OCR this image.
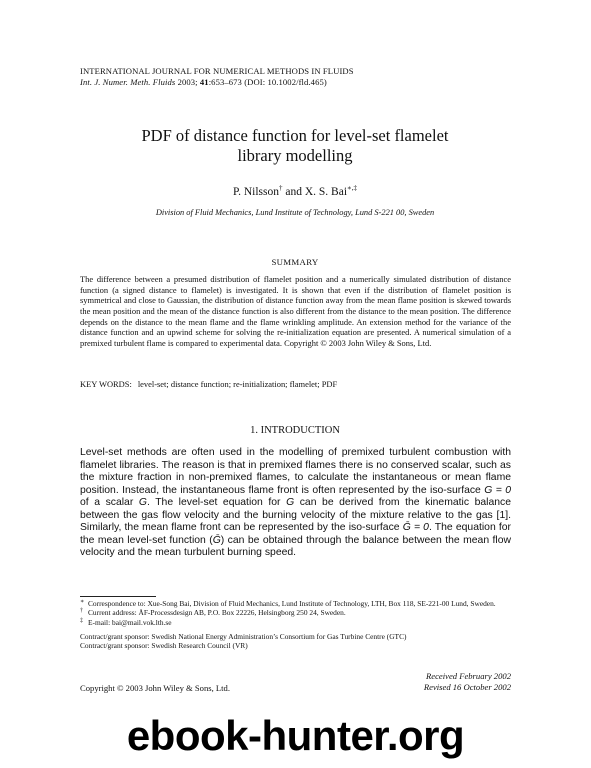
INTERNATIONAL JOURNAL FOR NUMERICAL METHODS IN FLUIDS
Int. J. Numer. Meth. Fluids 2003; 41:653–673 (DOI: 10.1002/fld.465)
PDF of distance function for level-set flamelet
library modelling
P. Nilsson† and X. S. Bai∗,‡
Division of Fluid Mechanics, Lund Institute of Technology, Lund S-221 00, Sweden
SUMMARY
The difference between a presumed distribution of flamelet position and a numerically simulated distribution of distance function (a signed distance to flamelet) is investigated. It is shown that even if the distribution of flamelet position is symmetrical and close to Gaussian, the distribution of distance function away from the mean flame position is skewed towards the mean position and the mean of the distance function is also different from the distance to the mean position. The difference depends on the distance to the mean flame and the flame wrinkling amplitude. An extension method for the variance of the distance function and an upwind scheme for solving the re-initialization equation are presented. A numerical simulation of a premixed turbulent flame is compared to experimental data. Copyright © 2003 John Wiley & Sons, Ltd.
KEY WORDS: level-set; distance function; re-initialization; flamelet; PDF
1. INTRODUCTION
Level-set methods are often used in the modelling of premixed turbulent combustion with flamelet libraries. The reason is that in premixed flames there is no conserved scalar, such as the mixture fraction in non-premixed flames, to calculate the instantaneous or mean flame position. Instead, the instantaneous flame front is often represented by the iso-surface G = 0 of a scalar G. The level-set equation for G can be derived from the kinematic balance between the gas flow velocity and the burning velocity of the mixture relative to the gas [1]. Similarly, the mean flame front can be represented by the iso-surface Ḡ = 0. The equation for the mean level-set function (Ḡ) can be obtained through the balance between the mean flow velocity and the mean turbulent burning speed.
∗ Correspondence to: Xue-Song Bai, Division of Fluid Mechanics, Lund Institute of Technology, LTH, Box 118, SE-221-00 Lund, Sweden.
† Current address: ÅF-Processdesign AB, P.O. Box 22226, Helsingborg 250 24, Sweden.
‡ E-mail: bai@mail.vok.lth.se
Contract/grant sponsor: Swedish National Energy Administration’s Consortium for Gas Turbine Centre (GTC)
Contract/grant sponsor: Swedish Research Council (VR)
Received February 2002
Revised 16 October 2002
Copyright © 2003 John Wiley & Sons, Ltd.
ebook-hunter.org
